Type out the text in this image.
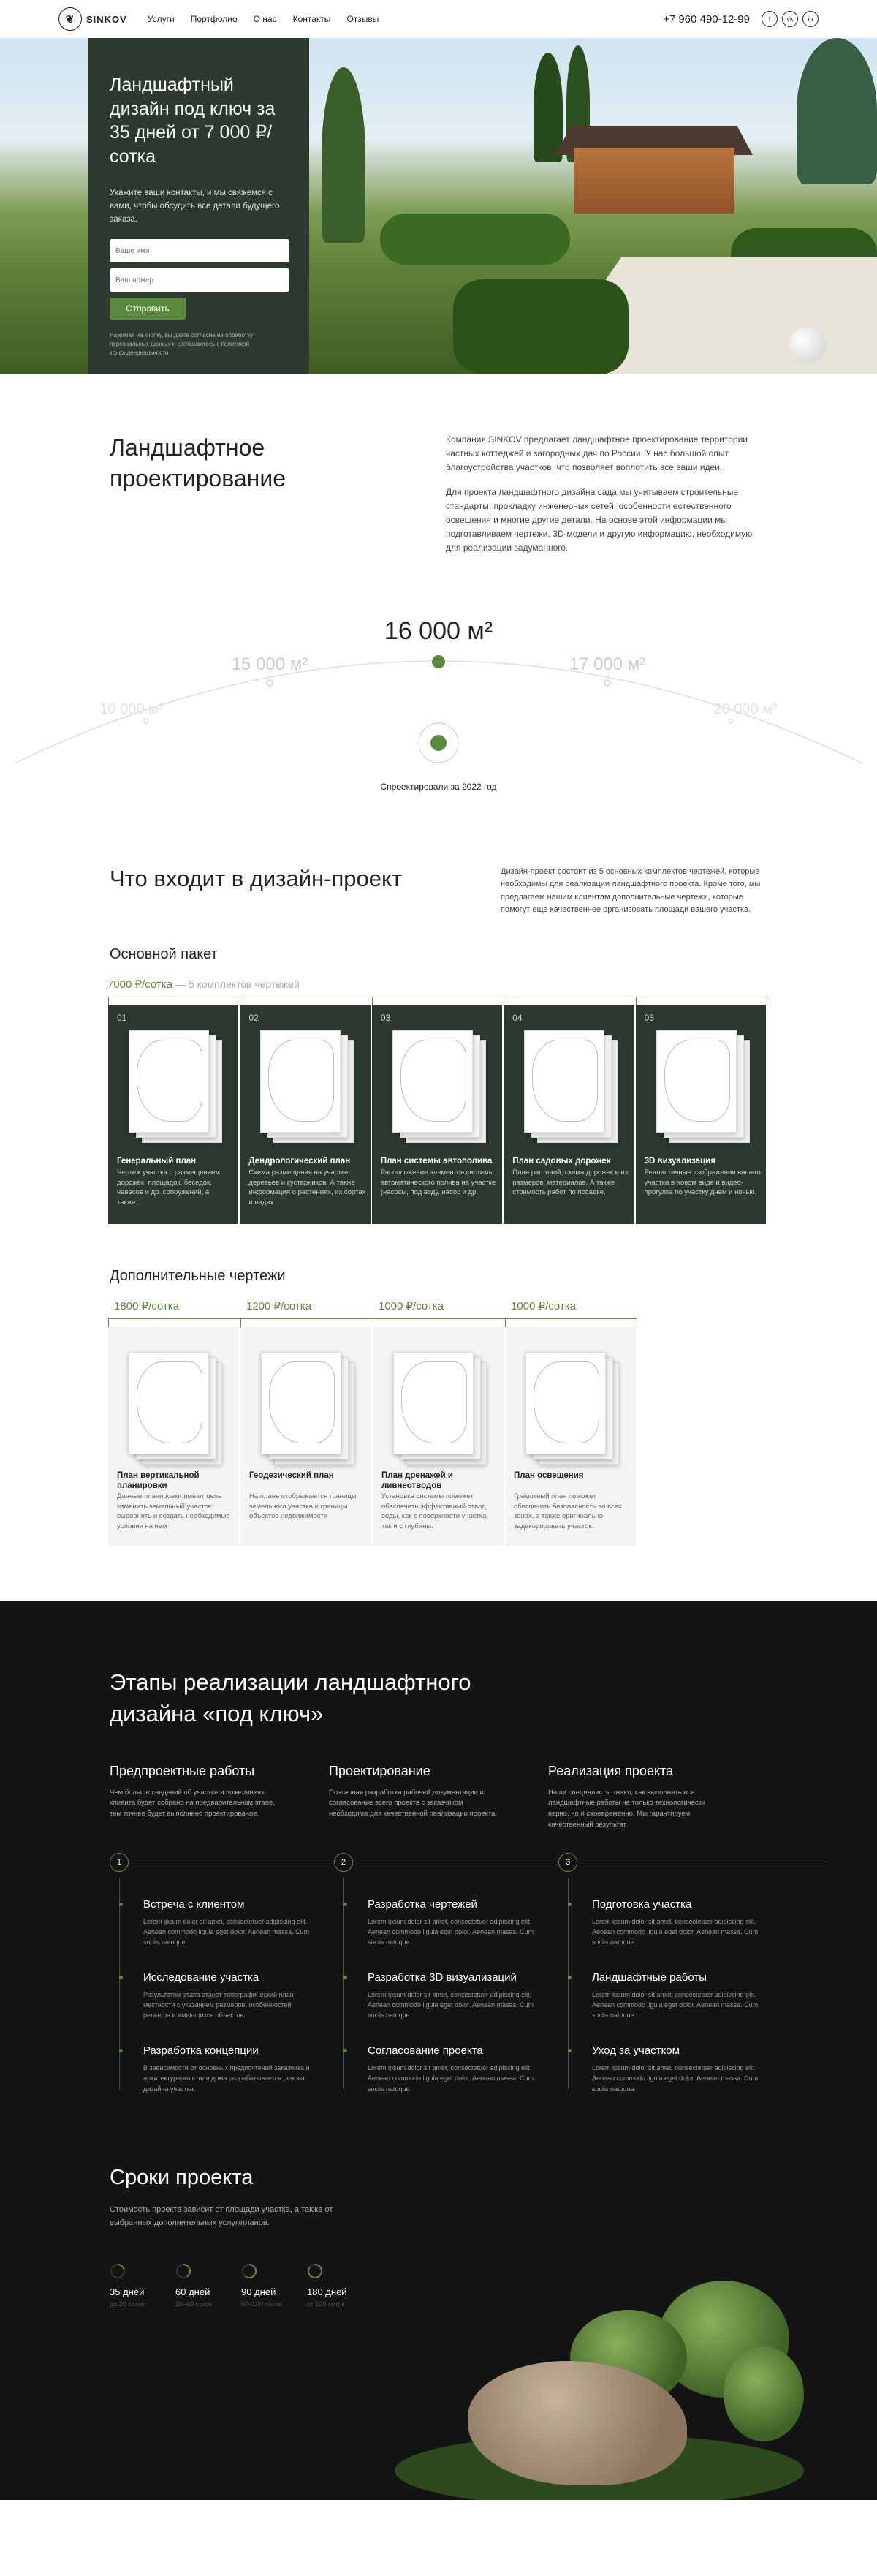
❦	SINKOV Услуги Портфолио О нас Контакты Отзывы	+7 960 490-12-99	f	vk	in
Ландшафтный дизайн под ключ за 35 дней от 7 000 ₽/сотка

Укажите ваши контакты, и мы свяжемся с вами, чтобы обсудить все детали будущего заказа.

Ваше имя
Ваш номер
Отправить
Нажимая на кнопку, вы даете согласие на обработку персональных данных и соглашаетесь с политикой конфиденциальности
Ландшафтное проектирование

Компания SINKOV предлагает ландшафтное проектирование территории частных коттеджей и загородных дач по России. У нас большой опыт благоустройства участков, что позволяет воплотить все ваши идеи.

Для проекта ландшафтного дизайна сада мы учитываем строительные стандарты, прокладку инженерных сетей, особенности естественного освещения и многие другие детали. На основе этой информации мы подготавливаем чертежи, 3D-модели и другую информацию, необходимую для реализации задуманного.

16 000 м²
15 000 м²	17 000 м²
10 000 м²	20 000 м²
Спроектировали за 2022 год
Что входит в дизайн-проект	Дизайн-проект состоит из 5 основных комплектов чертежей, которые необходимы для реализации ландшафтного проекта. Кроме того, мы предлагаем нашим клиентам дополнительные чертежи, которые помогут еще качественнее организовать площади вашего участка.

Основной пакет
7000 ₽/сотка — 5 комплектов чертежей
01
Генеральный план
Чертеж участка с размещением дорожек, площадок, беседок, навесов и др. сооружений, а также...
02
Дендрологический план
Схема размещения на участке деревьев и кустарников. А также информация о растениях, их сортах и видах.
03
План системы автополива
Расположение элементов системы автоматического полива на участке (насосы, под воду, насос и др.
04
План садовых дорожек
План растений, схема дорожек и их размеров, материалов. А также стоимость работ по посадке.
05
3D визуализация
Реалистичные изображения вашего участка в новом виде и видео-прогулка по участку днем и ночью.
Дополнительные чертежи
1800 ₽/сотка	1200 ₽/сотка	1000 ₽/сотка	1000 ₽/сотка
План вертикальной планировки
Данные планировки имеют цель изменить земельный участок: выровнять и создать необходимые условия на нем
Геодезический план
На плане отображаются границы земельного участка и границы объектов недвижимости
План дренажей и ливнеотводов
Установка системы поможет обеспечить эффективный отвод воды, как с поверхности участка, так и с глубины.
План освещения
Грамотный план поможет обеспечить безопасность во всех зонах, а также оригинально задекорировать участок.
Этапы реализации ландшафтного дизайна «под ключ»
Предпроектные работы

Чем больше сведений об участке и пожеланиях клиента будет собрано на предварительном этапе, тем точнее будет выполнено проектирование.

Проектирование

Поэтапная разработка рабочей документации и согласование всего проекта с заказчиком необходима для качественной реализации проекта.

Реализация проекта

Наши специалисты знают, как выполнить все ландшафтные работы не только технологически верно, но и своевременно. Мы гарантируем качественный результат.

1	2	3
Встреча с клиентом

Lorem ipsum dolor sit amet, consectetuer adipiscing elit. Aenean commodo ligula eget dolor. Aenean massa. Cum sociis natoque.

Исследование участка

Результатом этапа станет топографический план местности с указанием размеров, особенностей рельефа и имеющихся объектов.

Разработка концепции

В зависимости от основных предпочтений заказчика и архитектурного стиля дома разрабатывается основа дизайна участка.

Разработка чертежей

Lorem ipsum dolor sit amet, consectetuer adipiscing elit. Aenean commodo ligula eget dolor. Aenean massa. Cum sociis natoque.

Разработка 3D визуализаций

Lorem ipsum dolor sit amet, consectetuer adipiscing elit. Aenean commodo ligula eget dolor. Aenean massa. Cum sociis natoque.

Согласование проекта

Lorem ipsum dolor sit amet, consectetuer adipiscing elit. Aenean commodo ligula eget dolor. Aenean massa. Cum sociis natoque.

Подготовка участка

Lorem ipsum dolor sit amet, consectetuer adipiscing elit. Aenean commodo ligula eget dolor. Aenean massa. Cum sociis natoque.

Ландшафтные работы

Lorem ipsum dolor sit amet, consectetuer adipiscing elit. Aenean commodo ligula eget dolor. Aenean massa. Cum sociis natoque.

Уход за участком

Lorem ipsum dolor sit amet, consectetuer adipiscing elit. Aenean commodo ligula eget dolor. Aenean massa. Cum sociis natoque.

Сроки проекта

Стоимость проекта зависит от площади участка, а также от выбранных дополнительных услуг/планов.

35 дней
до 20 соток
60 дней
20–60 соток
90 дней
60–100 соток
180 дней
от 100 соток
